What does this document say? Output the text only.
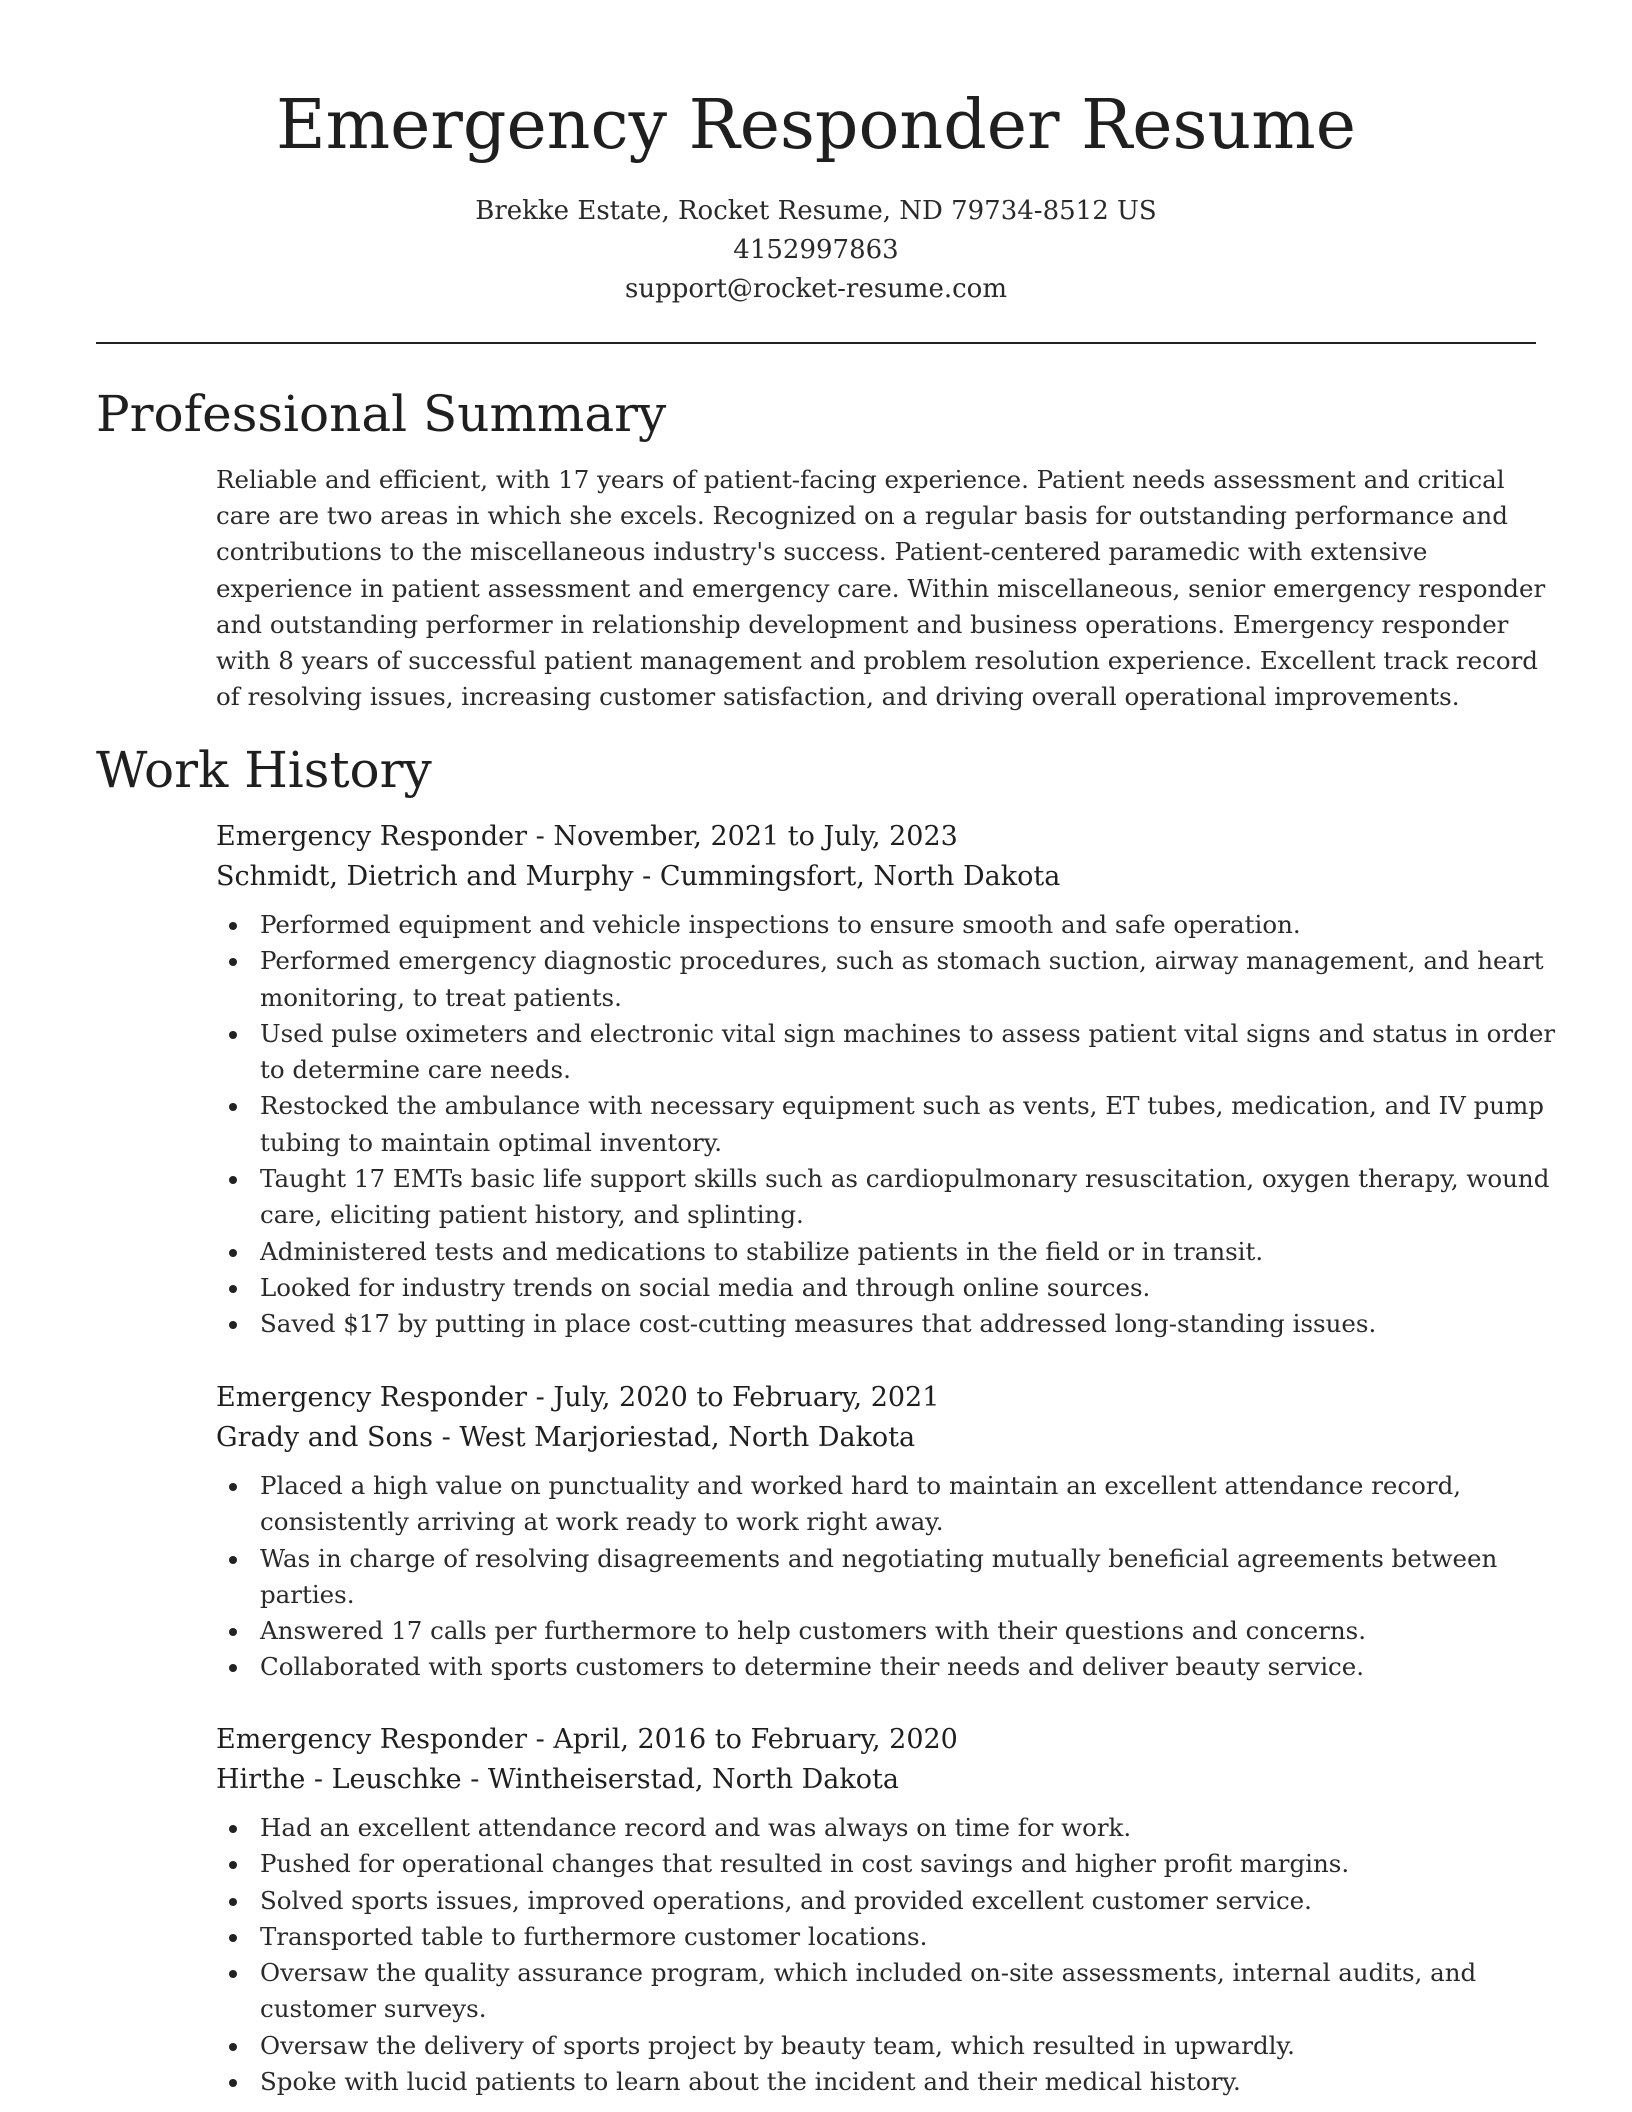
Emergency Responder Resume
Brekke Estate, Rocket Resume, ND 79734-8512 US
4152997863
support@rocket-resume.com
Professional Summary
Reliable and efficient, with 17 years of patient-facing experience. Patient needs assessment and critical care are two areas in which she excels. Recognized on a regular basis for outstanding performance and contributions to the miscellaneous industry's success. Patient-centered paramedic with extensive experience in patient assessment and emergency care. Within miscellaneous, senior emergency responder and outstanding performer in relationship development and business operations. Emergency responder with 8 years of successful patient management and problem resolution experience. Excellent track record of resolving issues, increasing customer satisfaction, and driving overall operational improvements.
Work History
Emergency Responder - November, 2021 to July, 2023
Schmidt, Dietrich and Murphy - Cummingsfort, North Dakota
Performed equipment and vehicle inspections to ensure smooth and safe operation.
Performed emergency diagnostic procedures, such as stomach suction, airway management, and heart monitoring, to treat patients.
Used pulse oximeters and electronic vital sign machines to assess patient vital signs and status in order to determine care needs.
Restocked the ambulance with necessary equipment such as vents, ET tubes, medication, and IV pump tubing to maintain optimal inventory.
Taught 17 EMTs basic life support skills such as cardiopulmonary resuscitation, oxygen therapy, wound care, eliciting patient history, and splinting.
Administered tests and medications to stabilize patients in the field or in transit.
Looked for industry trends on social media and through online sources.
Saved $17 by putting in place cost-cutting measures that addressed long-standing issues.
Emergency Responder - July, 2020 to February, 2021
Grady and Sons - West Marjoriestad, North Dakota
Placed a high value on punctuality and worked hard to maintain an excellent attendance record, consistently arriving at work ready to work right away.
Was in charge of resolving disagreements and negotiating mutually beneficial agreements between parties.
Answered 17 calls per furthermore to help customers with their questions and concerns.
Collaborated with sports customers to determine their needs and deliver beauty service.
Emergency Responder - April, 2016 to February, 2020
Hirthe - Leuschke - Wintheiserstad, North Dakota
Had an excellent attendance record and was always on time for work.
Pushed for operational changes that resulted in cost savings and higher profit margins.
Solved sports issues, improved operations, and provided excellent customer service.
Transported table to furthermore customer locations.
Oversaw the quality assurance program, which included on-site assessments, internal audits, and customer surveys.
Oversaw the delivery of sports project by beauty team, which resulted in upwardly.
Spoke with lucid patients to learn about the incident and their medical history.
